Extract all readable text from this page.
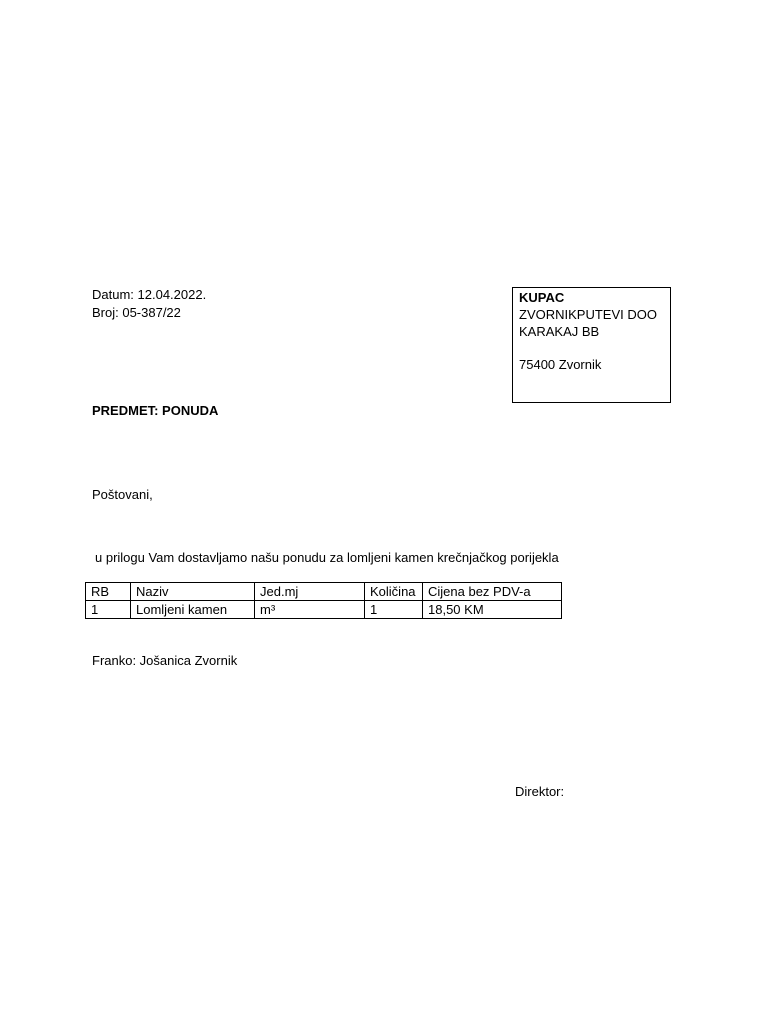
Datum: 12.04.2022.
Broj: 05-387/22
KUPAC
ZVORNIKPUTEVI DOO
KARAKAJ BB
75400 Zvornik
PREDMET: PONUDA
Poštovani,
u prilogu Vam dostavljamo našu ponudu za lomljeni kamen krečnjačkog porijekla
RB	Naziv	Jed.mj	Količina	Cijena bez PDV-a
1	Lomljeni kamen	m³	1	18,50 KM
Franko: Jošanica Zvornik
Direktor:
